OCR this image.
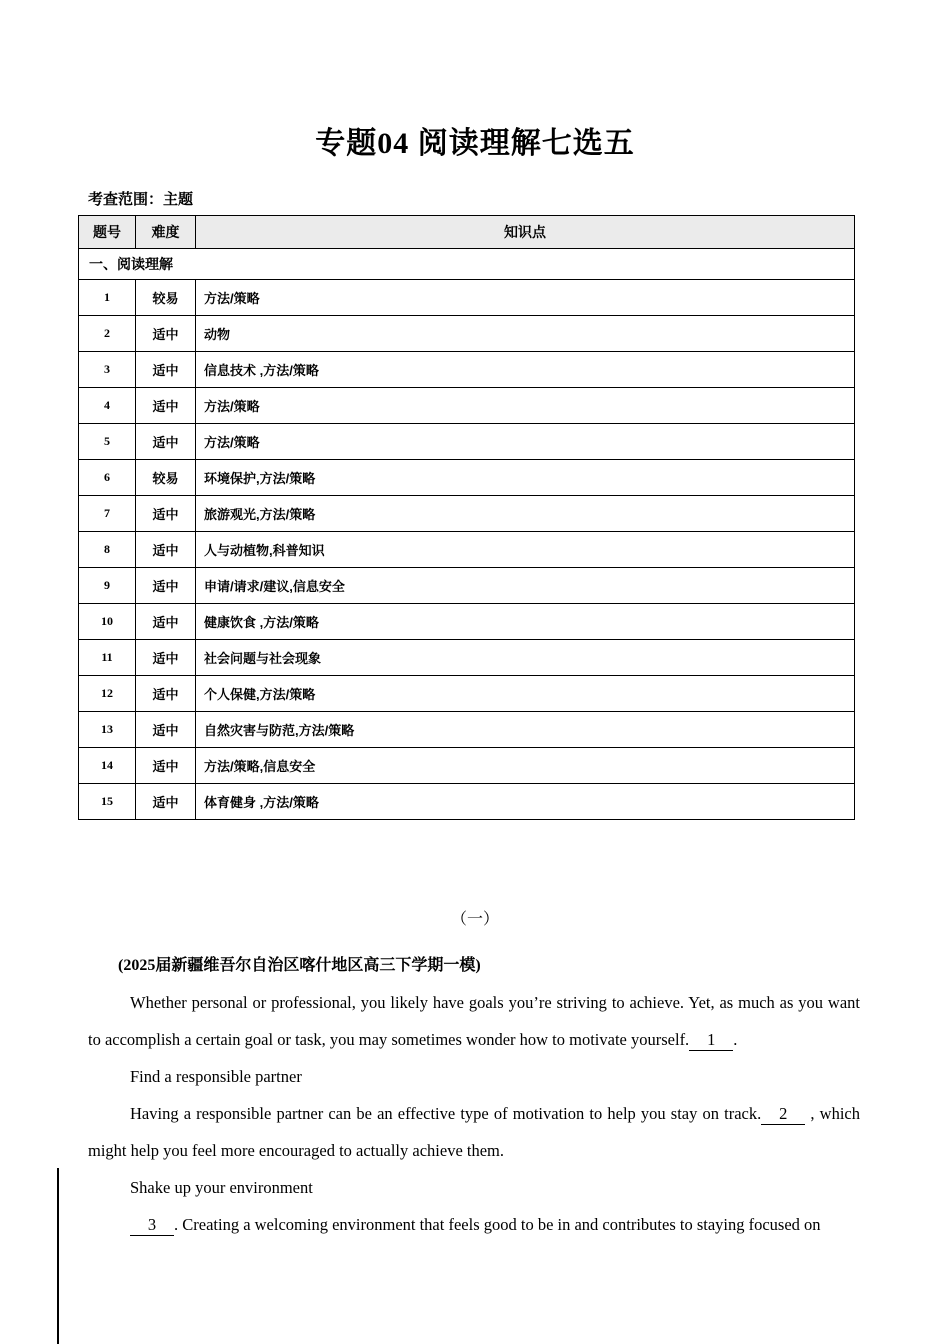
专题04 阅读理解七选五
考查范围：主题
题号	难度	知识点
一、阅读理解		
1	较易	方法/策略
2	适中	动物
3	适中	信息技术 ,方法/策略
4	适中	方法/策略
5	适中	方法/策略
6	较易	环境保护,方法/策略
7	适中	旅游观光,方法/策略
8	适中	人与动植物,科普知识
9	适中	申请/请求/建议,信息安全
10	适中	健康饮食 ,方法/策略
11	适中	社会问题与社会现象
12	适中	个人保健,方法/策略
13	适中	自然灾害与防范,方法/策略
14	适中	方法/策略,信息安全
15	适中	体育健身 ,方法/策略
（一）

(2025届新疆维吾尔自治区喀什地区高三下学期一模)

Whether personal or professional, you likely have goals you’re striving to achieve. Yet, as much as you want to accomplish a certain goal or task, you may sometimes wonder how to motivate yourself. 1 .

Find a responsible partner

Having a responsible partner can be an effective type of motivation to help you stay on track. 2 , which might help you feel more encouraged to actually achieve them.

Shake up your environment

3 . Creating a welcoming environment that feels good to be in and contributes to staying focused on
